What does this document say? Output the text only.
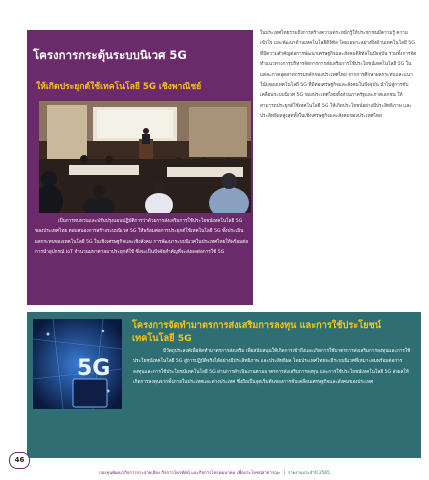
โครงการกระตุ้นระบบนิเวศ 5G
ให้เกิดประยุกต์ใช้เทคโนโลยี 5G เชิงพาณิชย์
เป็นการทบทวนและปรับปรุงแผนปฏิบัติการว่าด้วยการส่งเสริมการใช้ประโยชน์เทคโนโลยี 5G ของประเทศไทย ตอบสนองการสร้างระบบนิเวศ 5G ให้พร้อมต่อการประยุกต์ใช้เทคโนโลยี 5G ทั้งประเมินผลกระทบของเทคโนโลยี 5G ในเชิงเศรษฐกิจและเชิงสังคม การพัฒนาระบบนิเวศในประเทศไทยให้พร้อมต่อการนำอุปกรณ์ IoT จำนวนมหาศาลมาประยุกต์ใช้ ซึ่งจะเป็นปัจจัยสำคัญที่จะส่งผลต่อการใช้ 5G
ในประเทศไทยรวมถึงการสร้างความตระหนักรู้ให้ประชาชนมีความรู้ ความเข้าใจ และพัฒนาด้านเทคโนโลยีดิจิทัล โดยเฉพาะอย่างยิ่งด้านเทคโนโลยี 5G ที่มีความสำคัญต่อการพัฒนาเศรษฐกิจและสังคมดิจิทัลในปัจจุบัน รวมทั้งการจัดทำแนวทางการบริหารจัดการการส่งเสริมการใช้ประโยชน์เทคโนโลยี 5G ในแต่ละภาคอุตสาหกรรมหลักของประเทศไทย จากการศึกษาผลกระทบและแนวโน้มของเทคโนโลยี 5G ที่มีต่อเศรษฐกิจและสังคมในปัจจุบัน นำไปสู่การขับเคลื่อนระบบนิเวศ 5G ของประเทศไทยทั้งส่วนภาครัฐและภาคเอกชน ให้สามารถประยุกต์ใช้เทคโนโลยี 5G ให้เกิดประโยชน์อย่างมีประสิทธิภาพ และประสิทธิผลสูงสุดทั้งในเชิงเศรษฐกิจและสังคมของประเทศไทย
5G
โครงการจัดทำมาตรการส่งเสริมการลงทุน และการใช้ประโยชน์เทคโนโลยี 5G
มีวัตถุประสงค์เพื่อจัดทำมาตรการส่งเสริม เพื่อสนับสนุนให้เกิดการเข้าถึงและเกิดการใช้มาตรการส่งเสริมการลงทุนและการใช้ประโยชน์เทคโนโลยี 5G สู่การปฏิบัติจริงได้อย่างมีประสิทธิภาพ และประสิทธิผล โดยประเทศไทยจะมีระบบนิเวศที่เหมาะสมพร้อมต่อการลงทุนและการใช้ประโยชน์เทคโนโลยี 5G ผ่านการดำเนินงานตามมาตรการส่งเสริมการลงทุน และการใช้ประโยชน์เทคโนโลยี 5G ส่งผลให้เกิดการลงทุนจากทั้งภายในประเทศและต่างประเทศ ซึ่งถือเป็นจุดเริ่มต้นของการขับเคลื่อนเศรษฐกิจและสังคมของประเทศ
46
กองทุนพัฒนากิจการกระจายเสียง กิจการโทรทัศน์ และกิจการโทรคมนาคม เพื่อประโยชน์สาธารณะ | รายงานประจำปี 2565
